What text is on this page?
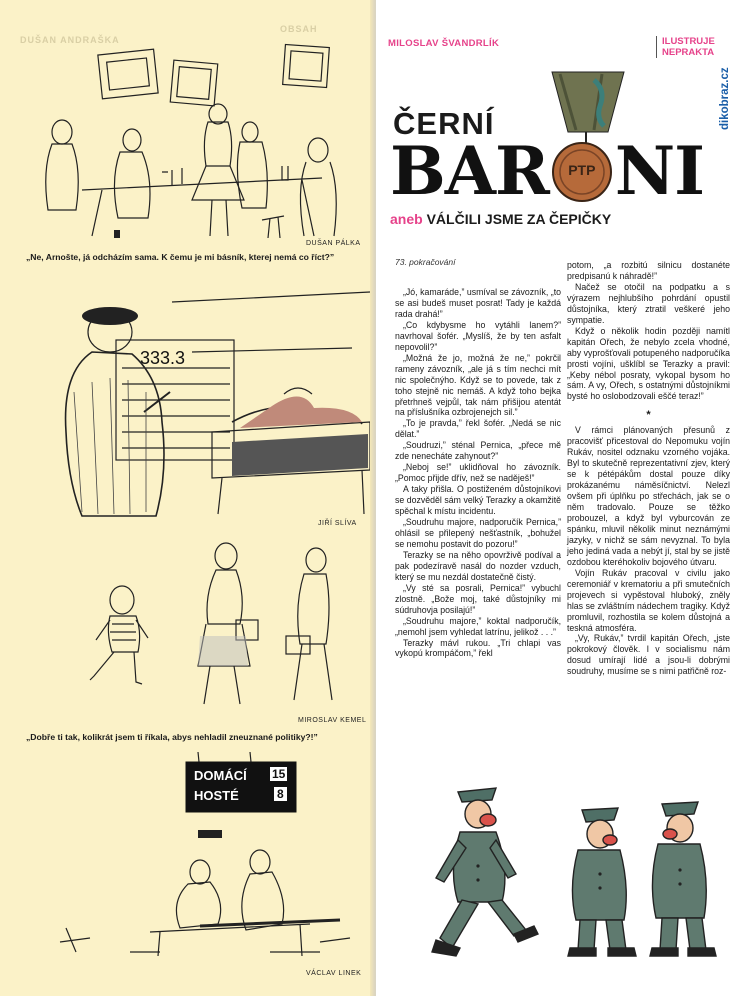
OBSAH
DUŠAN ANDRAŠKA
DUŠAN PÁLKA
„Ne, Arnošte, já odcházím sama. K čemu je mi básník, kterej nemá co říct?”
333.3
JIŘÍ SLÍVA
MIROSLAV KEMEL
„Dobře ti tak, kolikrát jsem ti říkala, abys nehladil zneuznané politiky?!”
DOMÁCÍ 15
HOSTÉ	8
VÁCLAV LINEK
MILOSLAV ŠVANDRLÍK	ILUSTRUJE
NEPRAKTA
dikobraz.cz
ČERNÍ
BAR	PTP NI
aneb VÁLČILI JSME ZA ČEPIČKY
73. pokračování

„Jó, kamaráde,” usmíval se závozník, „to se asi budeš muset posrat! Tady je každá rada drahá!”

„Co kdybysme ho vytáhli lanem?” navrhoval šofér. „Myslíš, že by ten asfalt nepovolil?”

„Možná že jo, možná že ne,” pokrčil rameny závozník, „ale já s tím nechci mít nic společnýho. Když se to povede, tak z toho stejně nic nemáš. A když toho bejka přetrhneš vejpůl, tak nám přišijou atentát na příslušníka ozbrojenejch sil.”

„To je pravda,” řekl šofér. „Nedá se nic dělat.”

„Soudruzi,” sténal Pernica, „přece mě zde nenecháte zahynout?”

„Neboj se!” uklidňoval ho závozník. „Pomoc přijde dřív, než se naděješ!”

A taky přišla. O postiženém důstojníkovi se dozvěděl sám velký Terazky a okamžitě spěchal k místu incidentu.

„Soudruhu majore, nadporučík Pernica,” ohlásil se přilepený nešťastník, „bohužel se nemohu postavit do pozoru!”

Terazky se na něho opovrživě podíval a pak podezíravě nasál do nozder vzduch, který se mu nezdál dostatečně čistý.

„Vy sté sa posrali, Pernica!” vybuchl zlostně. „Bože moj, také důstojníky mi súdruhovja posilajú!”

„Soudruhu majore,” koktal nadporučík, „nemohl jsem vyhledat latrínu, jelikož . . .”

Terazky mávl rukou. „Tri chlapi vas vykopú krompáčom,” řekl

potom, „a rozbitú silnicu dostanéte predpisanú k náhradě!”

Načež se otočil na podpatku a s výrazem nejhlubšího pohrdání opustil důstojníka, který ztratil veškeré jeho sympatie.

Když o několik hodin později namítl kapitán Ořech, že nebylo zcela vhodné, aby vyprošťovali potupeného nadporučíka prosti vojíni, ušklíbl se Terazky a pravil: „Keby nébol posraty, vykopal bysom ho sám. A vy, Ořech, s ostatnými důstojníkmi bysté ho oslobodzovali eščé teraz!”

*

V rámci plánovaných přesunů z pracovišť přicestoval do Nepomuku vojín Rukáv, nositel odznaku vzorného vojáka. Byl to skutečně reprezentativní zjev, který se k pétépákům dostal pouze díky prokázanému náměsíčnictví. Nelezl ovšem při úplňku po střechách, jak se o něm tradovalo. Pouze se těžko probouzel, a když byl vyburcován ze spánku, mluvil několik minut neznámými jazyky, v nichž se sám nevyznal. To byla jeho jediná vada a nebýt jí, stal by se jistě ozdobou kteréhokoliv bojového útvaru.

Vojín Rukáv pracoval v civilu jako ceremoniář v krematoriu a při smutečních projevech si vypěstoval hluboký, zněly hlas se zvláštním nádechem tragiky. Když promluvil, rozhostila se kolem důstojná a teskná atmosféra.

„Vy, Rukáv,” tvrdil kapitán Ořech, „jste pokrokový člověk. I v socialismu nám dosud umírají lidé a jsou-li dobrými soudruhy, musíme se s nimi patřičně roz-
